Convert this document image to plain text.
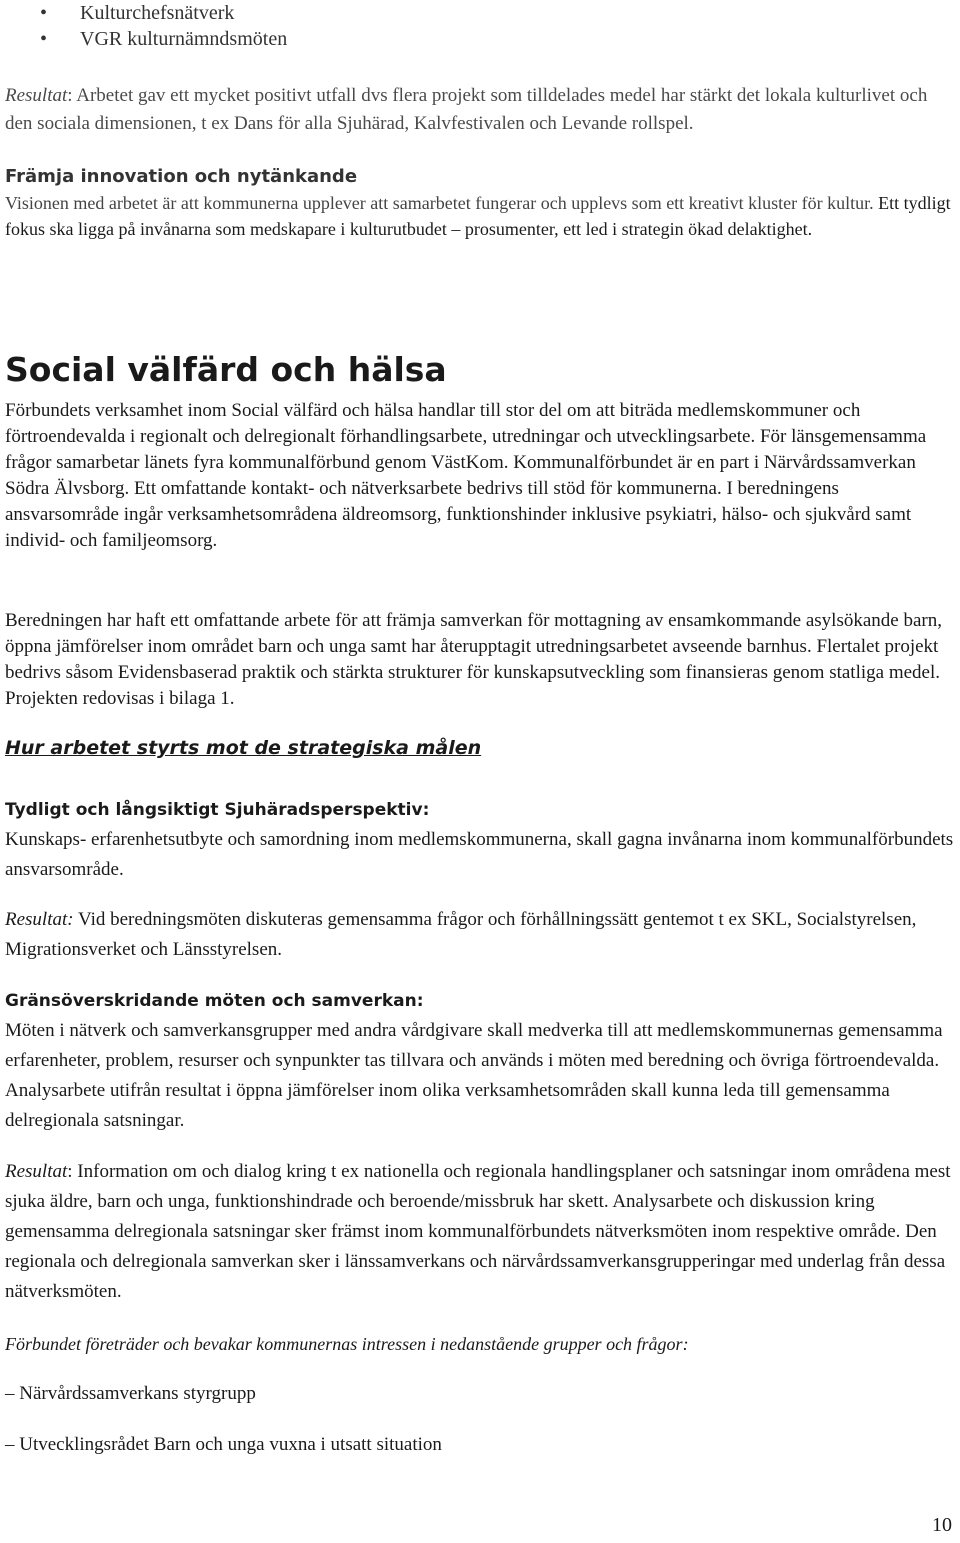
• Kulturchefsnätverk
• VGR kulturnämndsmöten

Resultat: Arbetet gav ett mycket positivt utfall dvs flera projekt som tilldelades medel har stärkt det lokala kulturlivet och den sociala dimensionen, t ex Dans för alla Sjuhärad, Kalvfestivalen och Levande rollspel.

Främja innovation och nytänkande
Visionen med arbetet är att kommunerna upplever att samarbetet fungerar och upplevs som ett kreativt kluster för kultur. Ett tydligt fokus ska ligga på invånarna som medskapare i kulturutbudet – prosumenter, ett led i strategin ökad delaktighet.

Social välfärd och hälsa

Förbundets verksamhet inom Social välfärd och hälsa handlar till stor del om att biträda medlemskommuner och förtroendevalda i regionalt och delregionalt förhandlingsarbete, utredningar och utvecklingsarbete. För länsgemensamma frågor samarbetar länets fyra kommunalförbund genom VästKom. Kommunalförbundet är en part i Närvårdssamverkan Södra Älvsborg. Ett omfattande kontakt- och nätverksarbete bedrivs till stöd för kommunerna. I beredningens ansvarsområde ingår verksamhetsområdena äldreomsorg, funktionshinder inklusive psykiatri, hälso- och sjukvård samt individ- och familjeomsorg.

Beredningen har haft ett omfattande arbete för att främja samverkan för mottagning av ensamkommande asylsökande barn, öppna jämförelser inom området barn och unga samt har återupptagit utredningsarbetet avseende barnhus. Flertalet projekt bedrivs såsom Evidensbaserad praktik och stärkta strukturer för kunskapsutveckling som finansieras genom statliga medel. Projekten redovisas i bilaga 1.

Hur arbetet styrts mot de strategiska målen

Tydligt och långsiktigt Sjuhäradsperspektiv:

Kunskaps- erfarenhetsutbyte och samordning inom medlemskommunerna, skall gagna invånarna inom kommunalförbundets ansvarsområde.

Resultat: Vid beredningsmöten diskuteras gemensamma frågor och förhållningssätt gentemot t ex SKL, Socialstyrelsen, Migrationsverket och Länsstyrelsen.

Gränsöverskridande möten och samverkan:

Möten i nätverk och samverkansgrupper med andra vårdgivare skall medverka till att medlemskommunernas gemensamma erfarenheter, problem, resurser och synpunkter tas tillvara och används i möten med beredning och övriga förtroendevalda. Analysarbete utifrån resultat i öppna jämförelser inom olika verksamhetsområden skall kunna leda till gemensamma delregionala satsningar.

Resultat: Information om och dialog kring t ex nationella och regionala handlingsplaner och satsningar inom områdena mest sjuka äldre, barn och unga, funktionshindrade och beroende/missbruk har skett. Analysarbete och diskussion kring gemensamma delregionala satsningar sker främst inom kommunalförbundets nätverksmöten inom respektive område. Den regionala och delregionala samverkan sker i länssamverkans och närvårdssamverkansgrupperingar med underlag från dessa nätverksmöten.

Förbundet företräder och bevakar kommunernas intressen i nedanstående grupper och frågor:

– Närvårdssamverkans styrgrupp

– Utvecklingsrådet Barn och unga vuxna i utsatt situation

10
